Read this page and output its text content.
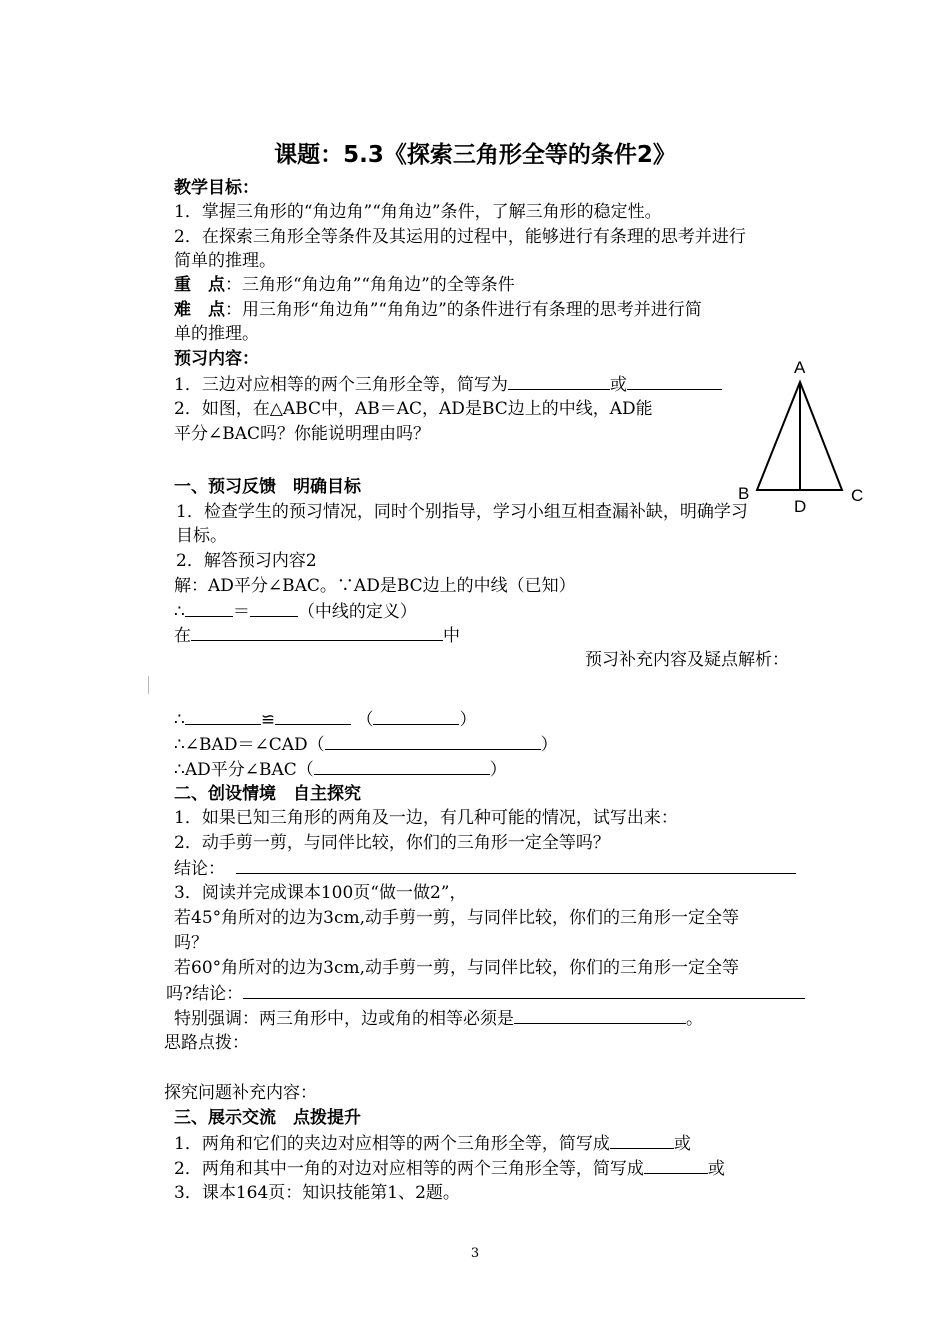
课题：5.3《探索三角形全等的条件2》
教学目标：
1．掌握三角形的“角边角”“角角边”条件，了解三角形的稳定性。
2．在探索三角形全等条件及其运用的过程中，能够进行有条理的思考并进行
简单的推理。
重　点：三角形“角边角”“角角边”的全等条件
难　点：用三角形“角边角”“角角边”的条件进行有条理的思考并进行简
单的推理。
预习内容：
1．三边对应相等的两个三角形全等，简写为	或
2．如图，在△ABC中，AB＝AC，AD是BC边上的中线，AD能
平分∠BAC吗？你能说明理由吗？
A
B	C
D
一、预习反馈　明确目标
1．检查学生的预习情况，同时个别指导，学习小组互相查漏补缺，明确学习
目标。
2．解答预习内容2
解：AD平分∠BAC。∵AD是BC边上的中线（已知）
∴	＝	（中线的定义）
在	中
预习补充内容及疑点解析：
∴	≌	（	）
∴∠BAD＝∠CAD（	）
∴AD平分∠BAC（	）
二、创设情境　自主探究
1．如果已知三角形的两角及一边，有几种可能的情况，试写出来：
2．动手剪一剪，与同伴比较，你们的三角形一定全等吗？
结论：
3．阅读并完成课本100页“做一做2”，
若45°角所对的边为3cm,动手剪一剪，与同伴比较，你们的三角形一定全等
吗？
若60°角所对的边为3cm,动手剪一剪，与同伴比较，你们的三角形一定全等
吗?结论：
特别强调：两三角形中，边或角的相等必须是	。
思路点拨：
探究问题补充内容：
三、展示交流　点拨提升
1．两角和它们的夹边对应相等的两个三角形全等，简写成	或
2．两角和其中一角的对边对应相等的两个三角形全等，简写成	或
3．课本164页：知识技能第1、2题。
3
